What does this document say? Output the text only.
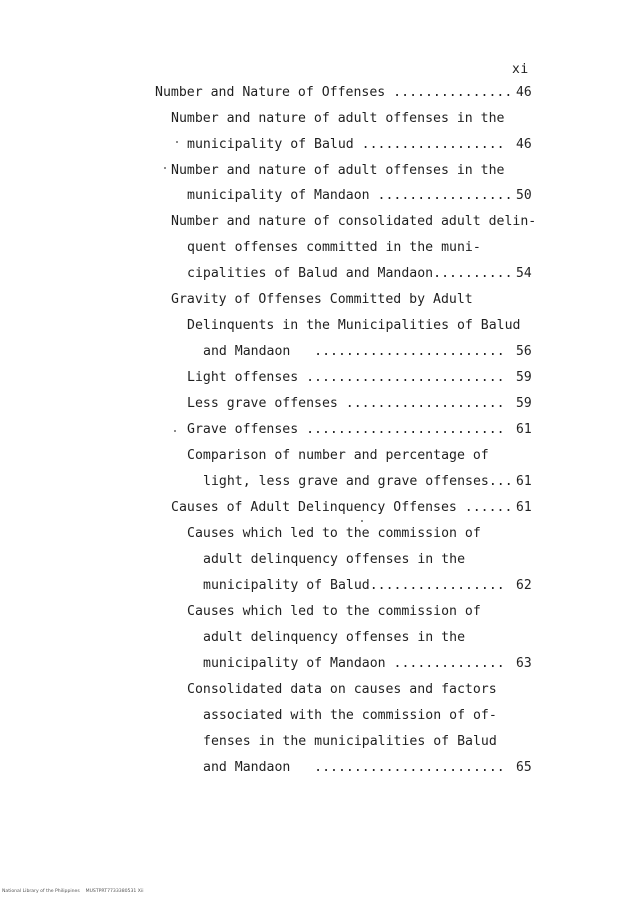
xi
Number and Nature of Offenses ............... 46
Number and nature of adult offenses in the
municipality of Balud .................. 46
Number and nature of adult offenses in the
municipality of Mandaon ................. 50
Number and nature of consolidated adult delin-
quent offenses committed in the muni-
cipalities of Balud and Mandaon.......... 54
Gravity of Offenses Committed by Adult
Delinquents in the Municipalities of Balud
and Mandaon   ........................ 56
Light offenses ......................... 59
Less grave offenses .................... 59
Grave offenses ......................... 61
Comparison of number and percentage of
light, less grave and grave offenses... 61
Causes of Adult Delinquency Offenses ...... 61
Causes which led to the commission of
adult delinquency offenses in the
municipality of Balud................. 62
Causes which led to the commission of
adult delinquency offenses in the
municipality of Mandaon .............. 63
Consolidated data on causes and factors
associated with the commission of of-
fenses in the municipalities of Balud
and Mandaon   ........................ 65
National Library of the Philippines    MUSTPRT7733380531 Xii
